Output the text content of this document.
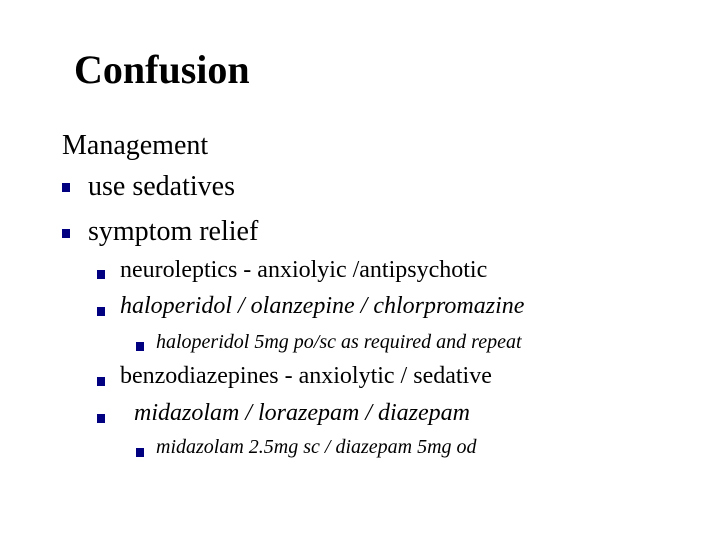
Confusion
Management
use sedatives
symptom relief
neuroleptics - anxiolyic /antipsychotic
haloperidol / olanzepine / chlorpromazine
haloperidol 5mg po/sc as required and repeat
benzodiazepines - anxiolytic / sedative
midazolam / lorazepam / diazepam
midazolam 2.5mg sc / diazepam 5mg od
